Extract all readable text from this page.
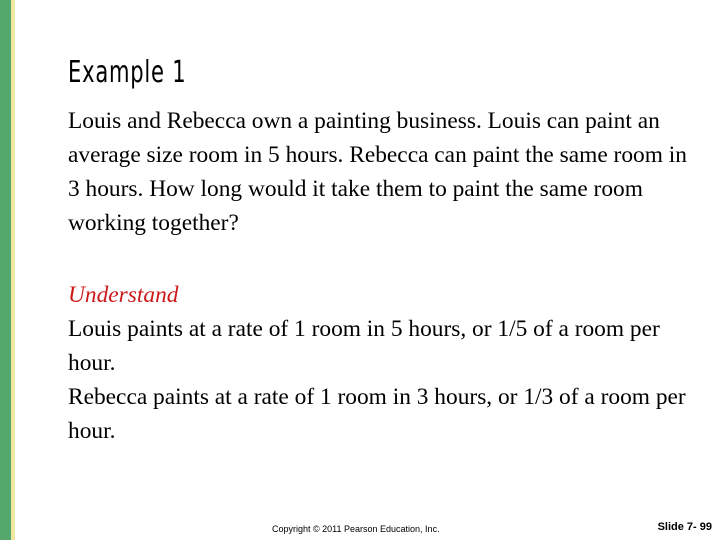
Example 1

Louis and Rebecca own a painting business. Louis can paint an average size room in 5 hours. Rebecca can paint the same room in 3 hours. How long would it take them to paint the same room working together?

Understand

Louis paints at a rate of 1 room in 5 hours, or 1/5 of a room per hour.

Rebecca paints at a rate of 1 room in 3 hours, or 1/3 of a room per hour.

Copyright © 2011 Pearson Education, Inc.	Slide 7- 99
